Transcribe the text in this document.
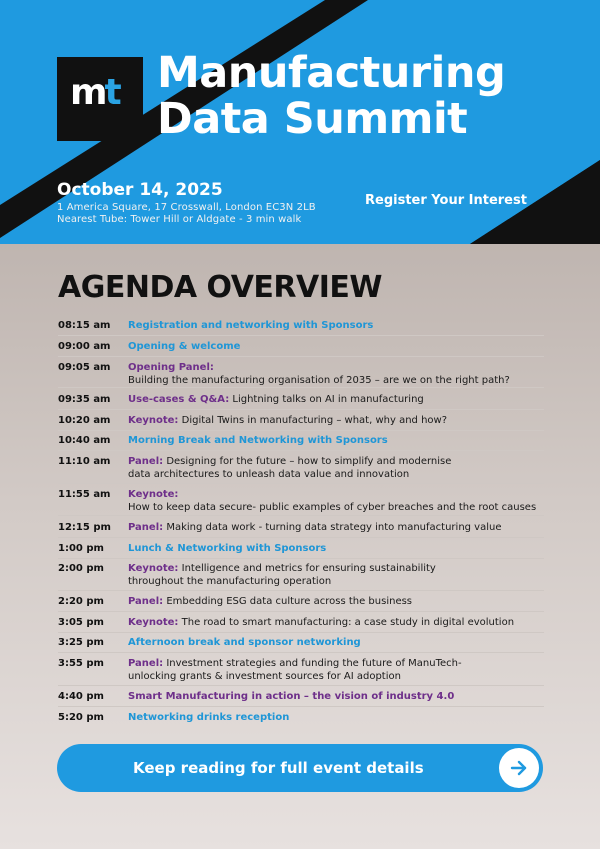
mt Manufacturing
Data Summit
October 14, 2025
1 America Square, 17 Crosswall, London EC3N 2LB
Nearest Tube: Tower Hill or Aldgate - 3 min walk
Register Your Interest
AGENDA OVERVIEW
08:15 am Registration and networking with Sponsors
09:00 am Opening & welcome
09:05 am Opening Panel:
Building the manufacturing organisation of 2035 – are we on the right path?
09:35 am Use-cases & Q&A: Lightning talks on AI in manufacturing
10:20 am Keynote: Digital Twins in manufacturing – what, why and how?
10:40 am Morning Break and Networking with Sponsors
11:10 am Panel: Designing for the future – how to simplify and modernise
data architectures to unleash data value and innovation
11:55 am Keynote:
How to keep data secure- public examples of cyber breaches and the root causes
12:15 pm Panel: Making data work - turning data strategy into manufacturing value
1:00 pm Lunch & Networking with Sponsors
2:00 pm Keynote: Intelligence and metrics for ensuring sustainability
throughout the manufacturing operation
2:20 pm Panel: Embedding ESG data culture across the business
3:05 pm Keynote: The road to smart manufacturing: a case study in digital evolution
3:25 pm Afternoon break and sponsor networking
3:55 pm Panel: Investment strategies and funding the future of ManuTech-
unlocking grants & investment sources for AI adoption
4:40 pm Smart Manufacturing in action – the vision of industry 4.0
5:20 pm Networking drinks reception
Keep reading for full event details
